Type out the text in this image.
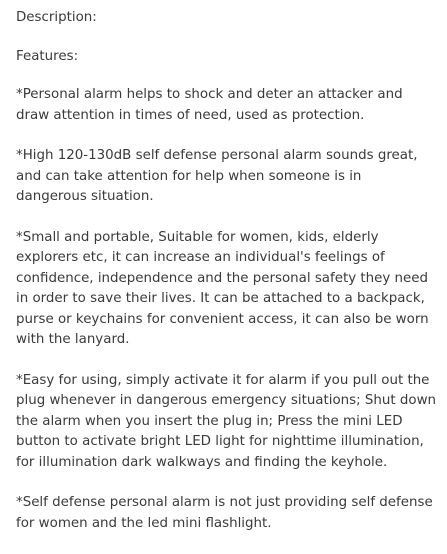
Description:

Features:

*Personal alarm helps to shock and deter an attacker and draw attention in times of need, used as protection.

*High 120-130dB self defense personal alarm sounds great, and can take attention for help when someone is in dangerous situation.

*Small and portable, Suitable for women, kids, elderly explorers etc, it can increase an individual's feelings of confidence, independence and the personal safety they need in order to save their lives. It can be attached to a backpack, purse or keychains for convenient access, it can also be worn with the lanyard.

*Easy for using, simply activate it for alarm if you pull out the plug whenever in dangerous emergency situations; Shut down the alarm when you insert the plug in; Press the mini LED button to activate bright LED light for nighttime illumination, for illumination dark walkways and finding the keyhole.

*Self defense personal alarm is not just providing self defense for women and the led mini flashlight.
